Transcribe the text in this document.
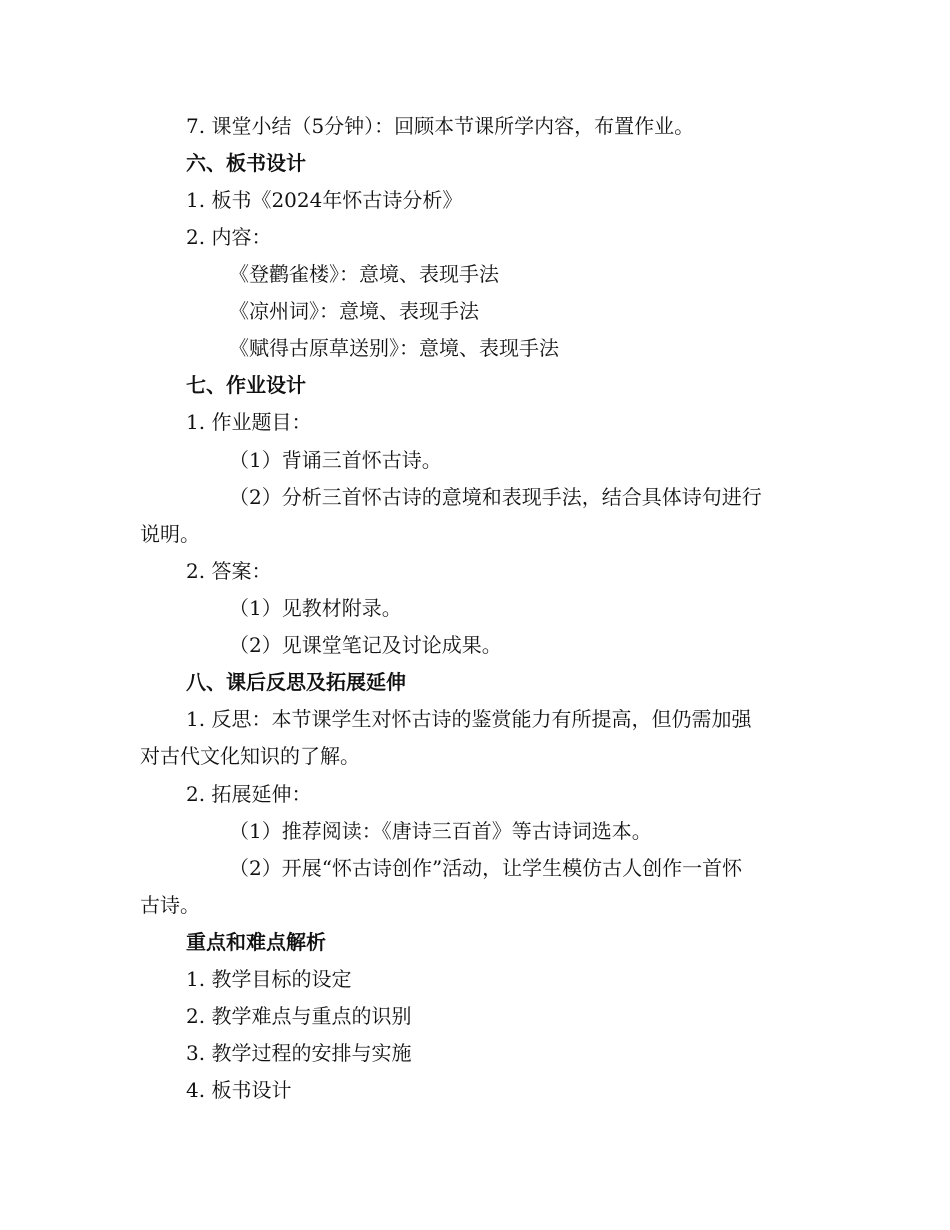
7. 课堂小结（5分钟）：回顾本节课所学内容，布置作业。
六、板书设计
1. 板书《2024年怀古诗分析》
2. 内容：
《登鹳雀楼》：意境、表现手法
《凉州词》：意境、表现手法
《赋得古原草送别》：意境、表现手法
七、作业设计
1. 作业题目：
（1）背诵三首怀古诗。
（2）分析三首怀古诗的意境和表现手法，结合具体诗句进行
说明。
2. 答案：
（1）见教材附录。
（2）见课堂笔记及讨论成果。
八、课后反思及拓展延伸
1. 反思：本节课学生对怀古诗的鉴赏能力有所提高，但仍需加强
对古代文化知识的了解。
2. 拓展延伸：
（1）推荐阅读：《唐诗三百首》等古诗词选本。
（2）开展“怀古诗创作”活动，让学生模仿古人创作一首怀
古诗。
重点和难点解析
1. 教学目标的设定
2. 教学难点与重点的识别
3. 教学过程的安排与实施
4. 板书设计
